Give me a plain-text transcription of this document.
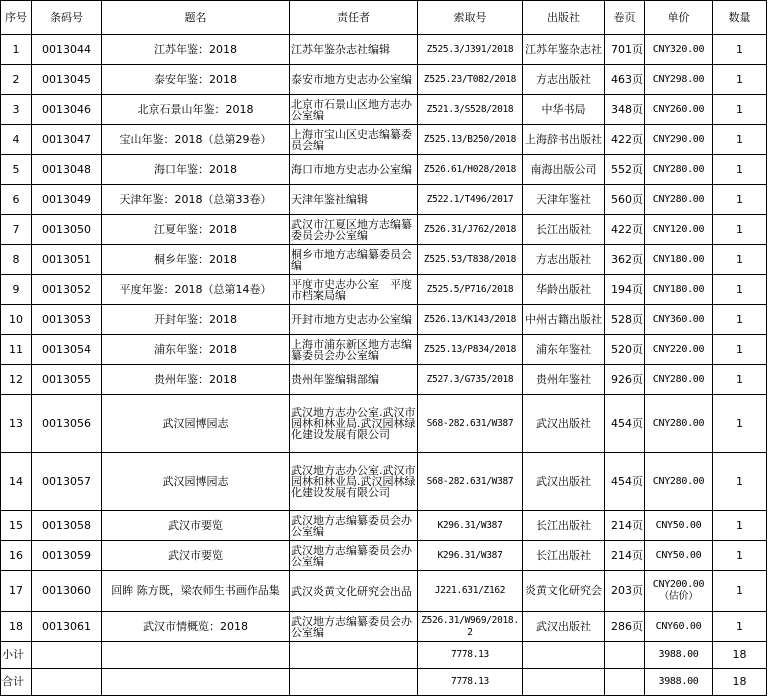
序号	条码号	题名	责任者	索取号	出版社	卷页	单价	数量
1	0013044	江苏年鉴：2018	江苏年鉴杂志社编辑	Z525.3/J391/2018	江苏年鉴杂志社	701页	CNY320.00	1
2	0013045	泰安年鉴：2018	泰安市地方史志办公室编	Z525.23/T082/2018	方志出版社	463页	CNY298.00	1
3	0013046	北京石景山年鉴：2018	北京市石景山区地方志办公室编	Z521.3/S528/2018	中华书局	348页	CNY260.00	1
4	0013047	宝山年鉴：2018（总第29卷）	上海市宝山区史志编纂委员会编	Z525.13/B250/2018	上海辞书出版社	422页	CNY290.00	1
5	0013048	海口年鉴：2018	海口市地方史志办公室编	Z526.61/H028/2018	南海出版公司	552页	CNY280.00	1
6	0013049	天津年鉴：2018（总第33卷）	天津年鉴社编辑	Z522.1/T496/2017	天津年鉴社	560页	CNY280.00	1
7	0013050	江夏年鉴：2018	武汉市江夏区地方志编纂委员会办公室编	Z526.31/J762/2018	长江出版社	422页	CNY120.00	1
8	0013051	桐乡年鉴：2018	桐乡市地方志编纂委员会编	Z525.53/T838/2018	方志出版社	362页	CNY180.00	1
9	0013052	平度年鉴：2018（总第14卷）	平度市史志办公室　平度市档案局编	Z525.5/P716/2018	华龄出版社	194页	CNY180.00	1
10	0013053	开封年鉴：2018	开封市地方史志办公室编	Z526.13/K143/2018	中州古籍出版社	528页	CNY360.00	1
11	0013054	浦东年鉴：2018	上海市浦东新区地方志编纂委员会办公室编	Z525.13/P834/2018	浦东年鉴社	520页	CNY220.00	1
12	0013055	贵州年鉴：2018	贵州年鉴编辑部编	Z527.3/G735/2018	贵州年鉴社	926页	CNY280.00	1
13	0013056	武汉园博园志	武汉地方志办公室.武汉市园林和林业局.武汉园林绿化建设发展有限公司	S68-282.631/W387	武汉出版社	454页	CNY280.00	1
14	0013057	武汉园博园志	武汉地方志办公室.武汉市园林和林业局.武汉园林绿化建设发展有限公司	S68-282.631/W387	武汉出版社	454页	CNY280.00	1
15	0013058	武汉市要览	武汉地方志编纂委员会办公室编	K296.31/W387	长江出版社	214页	CNY50.00	1
16	0013059	武汉市要览	武汉地方志编纂委员会办公室编	K296.31/W387	长江出版社	214页	CNY50.00	1
17	0013060	回眸 陈方既，梁农师生书画作品集	武汉炎黄文化研究会出品	J221.631/Z162	炎黄文化研究会	203页	CNY200.00（估价）	1
18	0013061	武汉市情概览：2018	武汉地方志编纂委员会办公室编	Z526.31/W969/2018.2	武汉出版社	286页	CNY60.00	1
小计				7778.13			3988.00	18
合计				7778.13			3988.00	18
